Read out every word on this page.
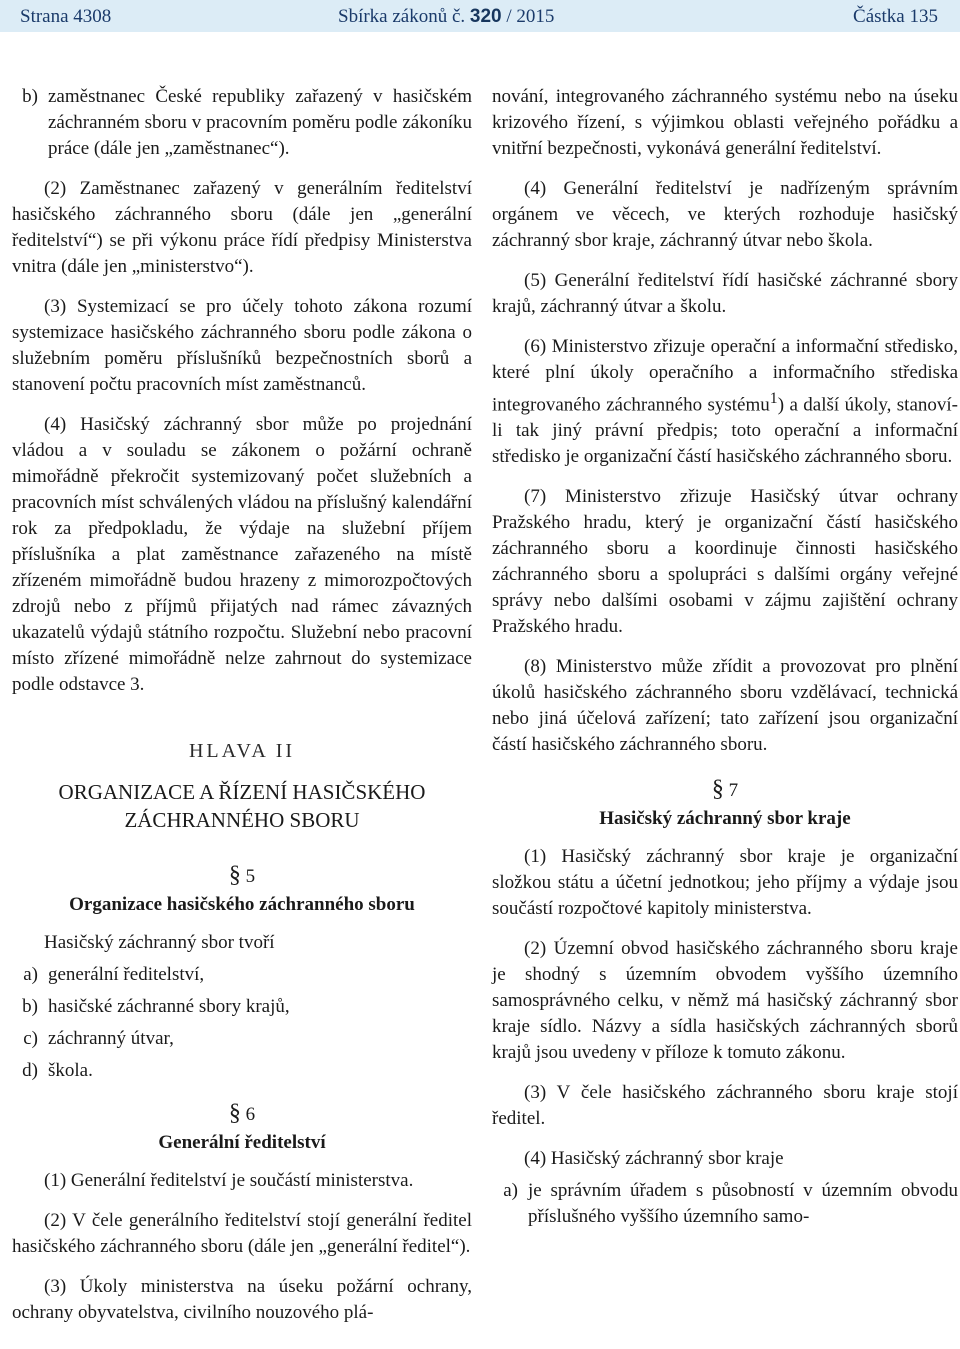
Strana 4308	Sbírka zákonů č. 320 / 2015	Částka 135
b) zaměstnanec České republiky zařazený v hasičském záchranném sboru v pracovním poměru podle zákoníku práce (dále jen „zaměstnanec“).

(2) Zaměstnanec zařazený v generálním ředitelství hasičského záchranného sboru (dále jen „generální ředitelství“) se při výkonu práce řídí předpisy Ministerstva vnitra (dále jen „ministerstvo“).

(3) Systemizací se pro účely tohoto zákona rozumí systemizace hasičského záchranného sboru podle zákona o služebním poměru příslušníků bezpečnostních sborů a stanovení počtu pracovních míst zaměstnanců.

(4) Hasičský záchranný sbor může po projednání vládou a v souladu se zákonem o požární ochraně mimořádně překročit systemizovaný počet služebních a pracovních míst schválených vládou na příslušný kalendářní rok za předpokladu, že výdaje na služební příjem příslušníka a plat zaměstnance zařazeného na místě zřízeném mimořádně budou hrazeny z mimorozpočtových zdrojů nebo z příjmů přijatých nad rámec závazných ukazatelů výdajů státního rozpočtu. Služební nebo pracovní místo zřízené mimořádně nelze zahrnout do systemizace podle odstavce 3.

HLAVA II
ORGANIZACE A ŘÍZENÍ HASIČSKÉHO ZÁCHRANNÉHO SBORU
§ 5
Organizace hasičského záchranného sboru

Hasičský záchranný sbor tvoří

a) generální ředitelství,
b) hasičské záchranné sbory krajů,
c) záchranný útvar,
d) škola.
§ 6
Generální ředitelství

(1) Generální ředitelství je součástí ministerstva.

(2) V čele generálního ředitelství stojí generální ředitel hasičského záchranného sboru (dále jen „generální ředitel“).

(3) Úkoly ministerstva na úseku požární ochrany, ochrany obyvatelstva, civilního nouzového plá-

nování, integrovaného záchranného systému nebo na úseku krizového řízení, s výjimkou oblasti veřejného pořádku a vnitřní bezpečnosti, vykonává generální ředitelství.

(4) Generální ředitelství je nadřízeným správním orgánem ve věcech, ve kterých rozhoduje hasičský záchranný sbor kraje, záchranný útvar nebo škola.

(5) Generální ředitelství řídí hasičské záchranné sbory krajů, záchranný útvar a školu.

(6) Ministerstvo zřizuje operační a informační středisko, které plní úkoly operačního a informačního střediska integrovaného záchranného systému$^1$) a další úkoly, stanoví-li tak jiný právní předpis; toto operační a informační středisko je organizační částí hasičského záchranného sboru.

(7) Ministerstvo zřizuje Hasičský útvar ochrany Pražského hradu, který je organizační částí hasičského záchranného sboru a koordinuje činnosti hasičského záchranného sboru a spolupráci s dalšími orgány veřejné správy nebo dalšími osobami v zájmu zajištění ochrany Pražského hradu.

(8) Ministerstvo může zřídit a provozovat pro plnění úkolů hasičského záchranného sboru vzdělávací, technická nebo jiná účelová zařízení; tato zařízení jsou organizační částí hasičského záchranného sboru.

§ 7
Hasičský záchranný sbor kraje

(1) Hasičský záchranný sbor kraje je organizační složkou státu a účetní jednotkou; jeho příjmy a výdaje jsou součástí rozpočtové kapitoly ministerstva.

(2) Územní obvod hasičského záchranného sboru kraje je shodný s územním obvodem vyššího územního samosprávného celku, v němž má hasičský záchranný sbor kraje sídlo. Názvy a sídla hasičských záchranných sborů krajů jsou uvedeny v příloze k tomuto zákonu.

(3) V čele hasičského záchranného sboru kraje stojí ředitel.

(4) Hasičský záchranný sbor kraje

a) je správním úřadem s působností v územním obvodu příslušného vyššího územního samo-
